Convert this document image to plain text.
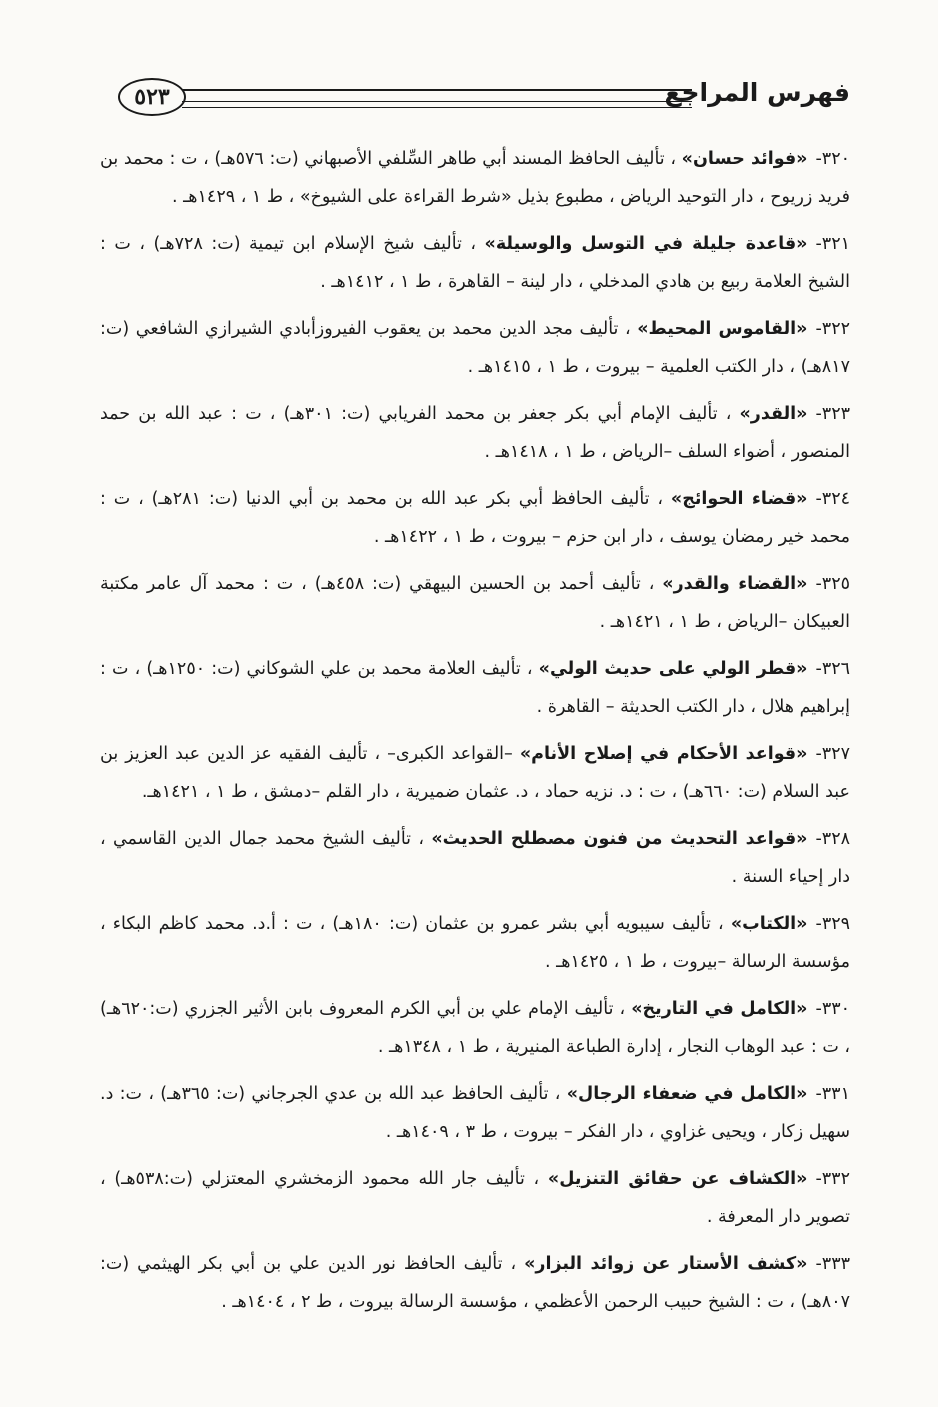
٥٢٣	فهرس المراجع

٣٢٠-«فوائد حسان» ، تأليف الحافظ المسند أبي طاهر السِّلفي الأصبهاني (ت: ٥٧٦هـ) ، ت : محمد بن فريد زريوح ، دار التوحيد الرياض ، مطبوع بذيل «شرط القراءة على الشيوخ» ، ط ١ ، ١٤٢٩هـ .

٣٢١-«قاعدة جليلة في التوسل والوسيلة» ، تأليف شيخ الإسلام ابن تيمية (ت: ٧٢٨هـ) ، ت : الشيخ العلامة ربيع بن هادي المدخلي ، دار لينة – القاهرة ، ط ١ ، ١٤١٢هـ .

٣٢٢-«القاموس المحيط» ، تأليف مجد الدين محمد بن يعقوب الفيروزأبادي الشيرازي الشافعي (ت: ٨١٧هـ) ، دار الكتب العلمية – بيروت ، ط ١ ، ١٤١٥هـ .

٣٢٣-«القدر» ، تأليف الإمام أبي بكر جعفر بن محمد الفريابي (ت: ٣٠١هـ) ، ت : عبد الله بن حمد المنصور ، أضواء السلف –الرياض ، ط ١ ، ١٤١٨هـ .

٣٢٤-«قضاء الحوائج» ، تأليف الحافظ أبي بكر عبد الله بن محمد بن أبي الدنيا (ت: ٢٨١هـ) ، ت : محمد خير رمضان يوسف ، دار ابن حزم – بيروت ، ط ١ ، ١٤٢٢هـ .

٣٢٥-«القضاء والقدر» ، تأليف أحمد بن الحسين البيهقي (ت: ٤٥٨هـ) ، ت : محمد آل عامر مكتبة العبيكان –الرياض ، ط ١ ، ١٤٢١هـ .

٣٢٦-«قطر الولي على حديث الولي» ، تأليف العلامة محمد بن علي الشوكاني (ت: ١٢٥٠هـ) ، ت : إبراهيم هلال ، دار الكتب الحديثة – القاهرة .

٣٢٧-«قواعد الأحكام في إصلاح الأنام» –القواعد الكبرى– ، تأليف الفقيه عز الدين عبد العزيز بن عبد السلام (ت: ٦٦٠هـ) ، ت : د. نزيه حماد ، د. عثمان ضميرية ، دار القلم –دمشق ، ط ١ ، ١٤٢١هـ.

٣٢٨-«قواعد التحديث من فنون مصطلح الحديث» ، تأليف الشيخ محمد جمال الدين القاسمي ، دار إحياء السنة .

٣٢٩-«الكتاب» ، تأليف سيبويه أبي بشر عمرو بن عثمان (ت: ١٨٠هـ) ، ت : أ.د. محمد كاظم البكاء ، مؤسسة الرسالة –بيروت ، ط ١ ، ١٤٢٥هـ .

٣٣٠-«الكامل في التاريخ» ، تأليف الإمام علي بن أبي الكرم المعروف بابن الأثير الجزري (ت:٦٢٠هـ) ، ت : عبد الوهاب النجار ، إدارة الطباعة المنيرية ، ط ١ ، ١٣٤٨هـ .

٣٣١-«الكامل في ضعفاء الرجال» ، تأليف الحافظ عبد الله بن عدي الجرجاني (ت: ٣٦٥هـ) ، ت: د. سهيل زكار ، ويحيى غزاوي ، دار الفكر – بيروت ، ط ٣ ، ١٤٠٩هـ .

٣٣٢-«الكشاف عن حقائق التنزيل» ، تأليف جار الله محمود الزمخشري المعتزلي (ت:٥٣٨هـ) ، تصوير دار المعرفة .

٣٣٣-«كشف الأستار عن زوائد البزار» ، تأليف الحافظ نور الدين علي بن أبي بكر الهيثمي (ت: ٨٠٧هـ) ، ت : الشيخ حبيب الرحمن الأعظمي ، مؤسسة الرسالة بيروت ، ط ٢ ، ١٤٠٤هـ .
